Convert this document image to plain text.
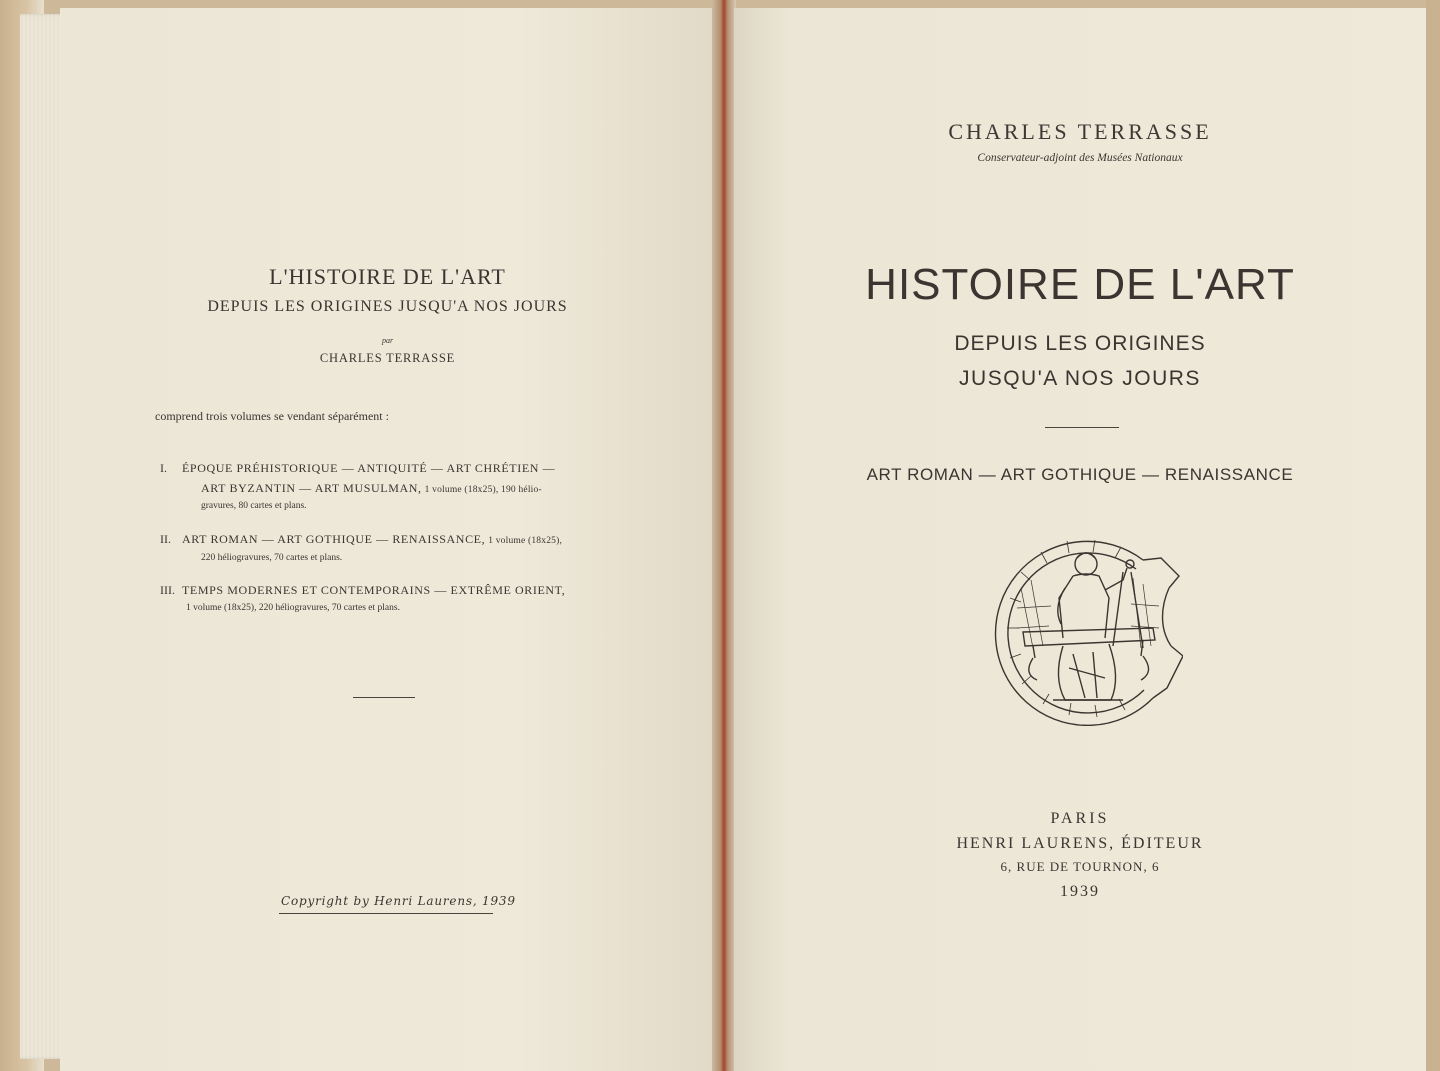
L'HISTOIRE DE L'ART
DEPUIS LES ORIGINES JUSQU'A NOS JOURS
par
CHARLES TERRASSE
comprend trois volumes se vendant séparément :
I. ÉPOQUE PRÉHISTORIQUE — ANTIQUITÉ — ART CHRÉTIEN —
ART BYZANTIN — ART MUSULMAN, 1 volume (18x25), 190 hélio-
gravures, 80 cartes et plans.
II. ART ROMAN — ART GOTHIQUE — RENAISSANCE, 1 volume (18x25),
220 héliogravures, 70 cartes et plans.
III. TEMPS MODERNES ET CONTEMPORAINS — EXTRÊME ORIENT,
1 volume (18x25), 220 héliogravures, 70 cartes et plans.
Copyright by Henri Laurens, 1939
CHARLES TERRASSE
Conservateur-adjoint des Musées Nationaux
HISTOIRE DE L'ART
DEPUIS LES ORIGINES
JUSQU'A NOS JOURS
ART ROMAN — ART GOTHIQUE — RENAISSANCE
PARIS
HENRI LAURENS, ÉDITEUR
6, RUE DE TOURNON, 6
1939
